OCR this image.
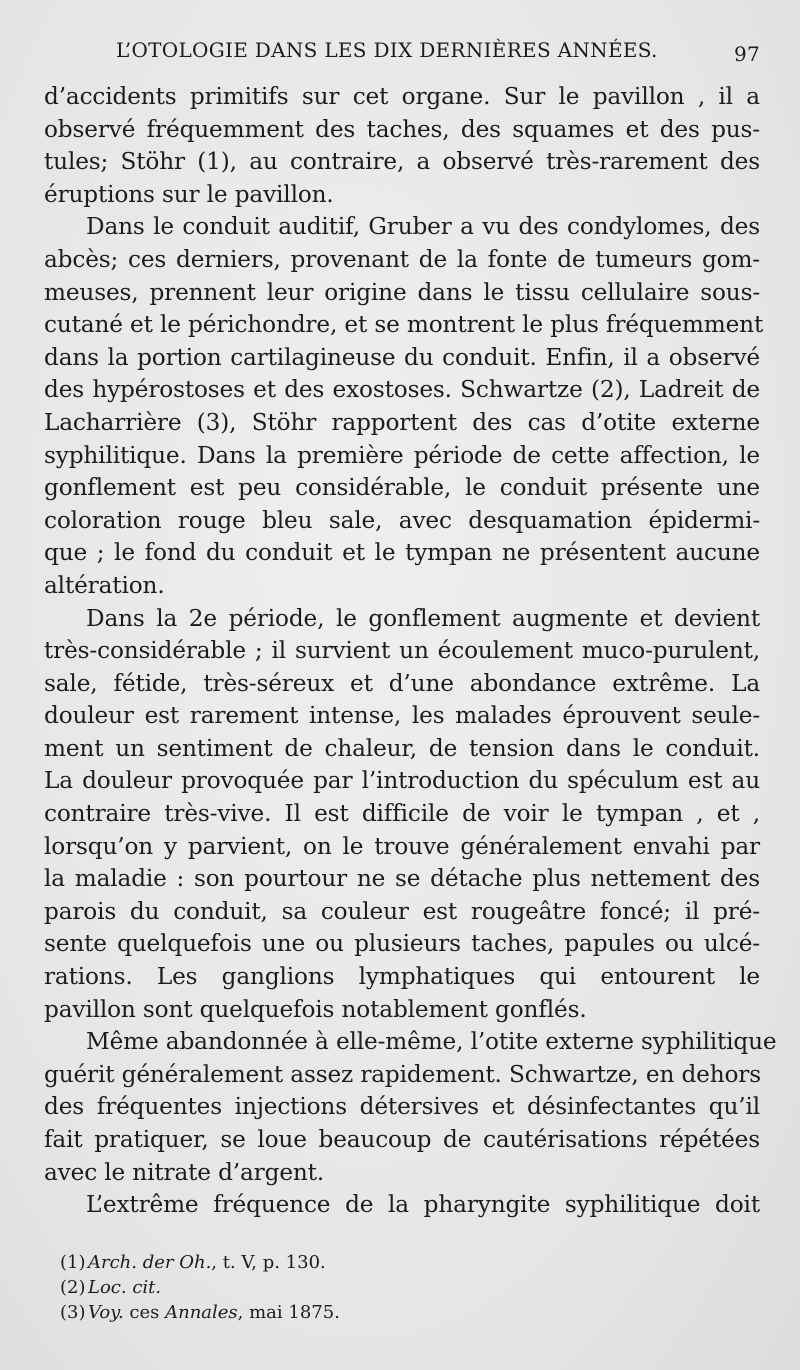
L’OTOLOGIE DANS LES DIX DERNIÈRES ANNÉES.	97
d’accidents primitifs sur cet organe. Sur le pavillon , il a
observé fréquemment des taches, des squames et des pus-
tules; Stöhr (1), au contraire, a observé très-rarement des
éruptions sur le pavillon.
Dans le conduit auditif, Gruber a vu des condylomes, des
abcès; ces derniers, provenant de la fonte de tumeurs gom-
meuses, prennent leur origine dans le tissu cellulaire sous-
cutané et le périchondre, et se montrent le plus fréquemment
dans la portion cartilagineuse du conduit. Enfin, il a observé
des hypérostoses et des exostoses. Schwartze (2), Ladreit de
Lacharrière (3), Stöhr rapportent des cas d’otite externe
syphilitique. Dans la première période de cette affection, le
gonflement est peu considérable, le conduit présente une
coloration rouge bleu sale, avec desquamation épidermi-
que ; le fond du conduit et le tympan ne présentent aucune
altération.
Dans la 2e période, le gonflement augmente et devient
très-considérable ; il survient un écoulement muco-purulent,
sale, fétide, très-séreux et d’une abondance extrême. La
douleur est rarement intense, les malades éprouvent seule-
ment un sentiment de chaleur, de tension dans le conduit.
La douleur provoquée par l’introduction du spéculum est au
contraire très-vive. Il est difficile de voir le tympan , et ,
lorsqu’on y parvient, on le trouve généralement envahi par
la maladie : son pourtour ne se détache plus nettement des
parois du conduit, sa couleur est rougeâtre foncé; il pré-
sente quelquefois une ou plusieurs taches, papules ou ulcé-
rations. Les ganglions lymphatiques qui entourent le
pavillon sont quelquefois notablement gonflés.
Même abandonnée à elle-même, l’otite externe syphilitique
guérit généralement assez rapidement. Schwartze, en dehors
des fréquentes injections détersives et désinfectantes qu’il
fait pratiquer, se loue beaucoup de cautérisations répétées
avec le nitrate d’argent.
L’extrême fréquence de la pharyngite syphilitique doit
(1) Arch. der Oh., t. V, p. 130.
(2) Loc. cit.
(3) Voy. ces Annales, mai 1875.
